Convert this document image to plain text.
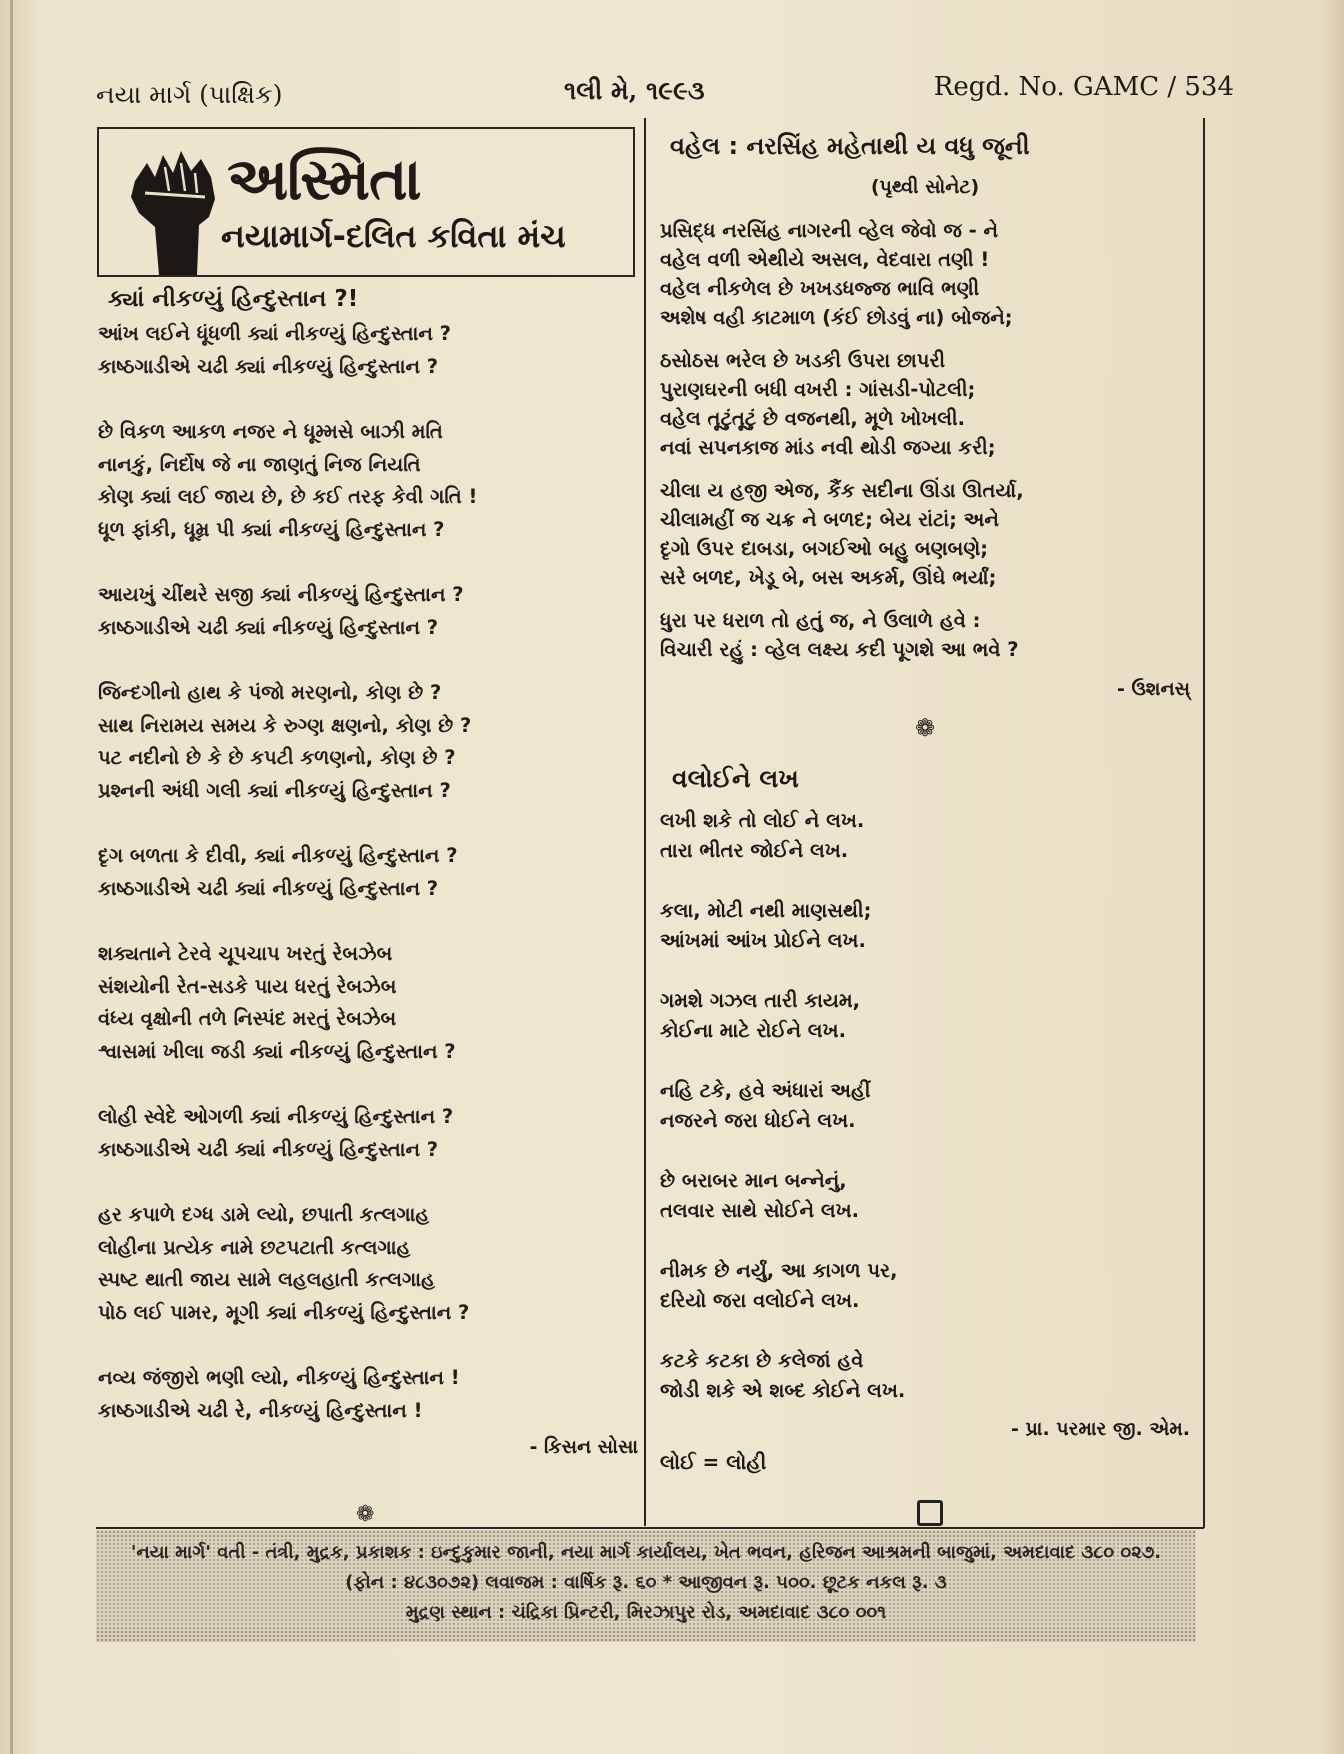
નયા માર્ગ (પાક્ષિક)	૧લી મે, ૧૯૯૩	Regd. No. GAMC / 534
અસ્મિતા
નયામાર્ગ-દલિત કવિતા મંચ
ક્યાં નીકળ્યું હિન્દુસ્તાન ?!
આંખ લઈને ધૂંધળી ક્યાં નીકળ્યું હિન્દુસ્તાન ?
કાષ્ઠગાડીએ ચઢી ક્યાં નીકળ્યું હિન્દુસ્તાન ?
છે વિકળ આકળ નજર ને ધૂમ્મસે બાઝી મતિ
નાનકું, નિર્દોષ જે ના જાણતું નિજ નિયતિ
કોણ ક્યાં લઈ જાય છે, છે કઈ તરફ કેવી ગતિ !
ધૂળ ફાંકી, ધૂમ્ર પી ક્યાં નીકળ્યું હિન્દુસ્તાન ?
આયખું ચીંથરે સજી ક્યાં નીકળ્યું હિન્દુસ્તાન ?
કાષ્ઠગાડીએ ચઢી ક્યાં નીકળ્યું હિન્દુસ્તાન ?
જિન્દગીનો હાથ કે પંજો મરણનો, કોણ છે ?
સાથ નિરામય સમય કે રુગ્ણ ક્ષણનો, કોણ છે ?
પટ નદીનો છે કે છે કપટી કળણનો, કોણ છે ?
પ્રશ્નની અંધી ગલી ક્યાં નીકળ્યું હિન્દુસ્તાન ?
દૃગ બળતા કે દીવી, ક્યાં નીકળ્યું હિન્દુસ્તાન ?
કાષ્ઠગાડીએ ચઢી ક્યાં નીકળ્યું હિન્દુસ્તાન ?
શક્યતાને ટેરવે ચૂપચાપ ખરતું રેબઝેબ
સંશયોની રેત-સડકે પાય ધરતું રેબઝેબ
વંધ્ય વૃક્ષોની તળે નિસ્પંદ મરતું રેબઝેબ
શ્વાસમાં ખીલા જડી ક્યાં નીકળ્યું હિન્દુસ્તાન ?
લોહી સ્વેદે ઓગળી ક્યાં નીકળ્યું હિન્દુસ્તાન ?
કાષ્ઠગાડીએ ચઢી ક્યાં નીકળ્યું હિન્દુસ્તાન ?
હર કપાળે દગ્ધ ડામે લ્યો, છપાતી કત્લગાહ
લોહીના પ્રત્યેક નામે છટપટાતી કત્લગાહ
સ્પષ્ટ થાતી જાય સામે લહલહાતી કત્લગાહ
પોઠ લઈ પામર, મૂગી ક્યાં નીકળ્યું હિન્દુસ્તાન ?
નવ્ય જંજીરો ભણી લ્યો, નીકળ્યું હિન્દુસ્તાન !
કાષ્ઠગાડીએ ચઢી રે, નીકળ્યું હિન્દુસ્તાન !
- કિસન સોસા
❁
વહેલ : નરસિંહ મહેતાથી ય વધુ જૂની
(પૃથ્વી સોનેટ)
પ્રસિદ્ધ નરસિંહ નાગરની વ્હેલ જેવો જ - ને
વહેલ વળી એથીયે અસલ, વેદવારા તણી !
વહેલ નીકળેલ છે ખખડધજ્જ ભાવિ ભણી
અશેષ વહી કાટમાળ (કંઈ છોડવું ના) બોજને;
ઠસોઠસ ભરેલ છે ખડકી ઉપરા છાપરી
પુરાણઘરની બધી વખરી : ગાંસડી-પોટલી;
વહેલ તૂટુંતૂટું છે વજનથી, મૂળે ખોખલી.
નવાં સપનકાજ માંડ નવી થોડી જગ્યા કરી;
ચીલા ય હજી એજ, કૈંક સદીના ઊંડા ઊતર્યા,
ચીલામહીં જ ચક્ર ને બળદ; બેય રાંટાં; અને
દૃગો ઉપર દાબડા, બગઈઓ બહુ બણબણે;
સરે બળદ, ખેડૂ બે, બસ અકર્મ, ઊંઘે ભર્યાં;
ધુરા પર ધરાળ તો હતું જ, ને ઉલાળે હવે :
વિચારી રહું : વ્હેલ લક્ષ્ય કદી પૂગશે આ ભવે ?
- ઉશનસ્
❁
વલોઈને લખ
લખી શકે તો લોઈ ને લખ.
તારા ભીતર જોઈને લખ.
કલા, મોટી નથી માણસથી;
આંખમાં આંખ પ્રોઈને લખ.
ગમશે ગઝલ તારી કાયમ,
કોઈના માટે રોઈને લખ.
નહિ ટકે, હવે અંધારાં અહીં
નજરને જરા ધોઈને લખ.
છે બરાબર માન બન્નેનું,
તલવાર સાથે સોઈને લખ.
નીમક છે નર્યું, આ કાગળ પર,
દરિયો જરા વલોઈને લખ.
કટકે કટકા છે કલેજાં હવે
જોડી શકે એ શબ્દ કોઈને લખ.
- પ્રા. પરમાર જી. એમ.
લોઈ = લોહી
'નયા માર્ગ' વતી - તંત્રી, મુદ્રક, પ્રકાશક : ઇન્દુકુમાર જાની, નયા માર્ગ કાર્યાલય, ખેત ભવન, હરિજન આશ્રમની બાજુમાં, અમદાવાદ ૩૮૦ ૦૨૭.
(ફોન : ૪૮૩૦૭૨) લવાજમ : વાર્ષિક રૂ. ૬૦ * આજીવન રૂ. ૫૦૦. છૂટક નકલ રૂ. ૩
મુદ્રણ સ્થાન : ચંદ્રિકા પ્રિન્ટરી, મિરઝાપુર રોડ, અમદાવાદ ૩૮૦ ૦૦૧
